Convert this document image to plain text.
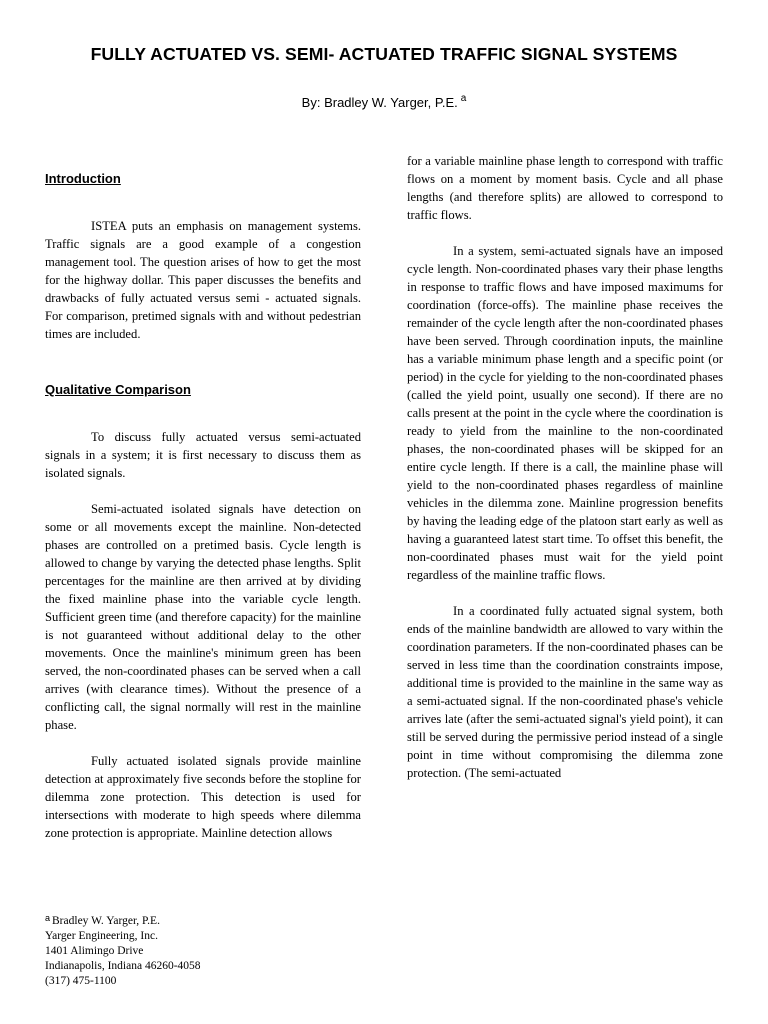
FULLY ACTUATED VS. SEMI- ACTUATED TRAFFIC SIGNAL SYSTEMS
By: Bradley W. Yarger, P.E. $^a$
Introduction

ISTEA puts an emphasis on management systems. Traffic signals are a good example of a congestion management tool. The question arises of how to get the most for the highway dollar. This paper discusses the benefits and drawbacks of fully actuated versus semi - actuated signals. For comparison, pretimed signals with and without pedestrian times are included.

Qualitative Comparison

To discuss fully actuated versus semi-actuated signals in a system; it is first necessary to discuss them as isolated signals.

Semi-actuated isolated signals have detection on some or all movements except the mainline. Non-detected phases are controlled on a pretimed basis. Cycle length is allowed to change by varying the detected phase lengths. Split percentages for the mainline are then arrived at by dividing the fixed mainline phase into the variable cycle length. Sufficient green time (and therefore capacity) for the mainline is not guaranteed without additional delay to the other movements. Once the mainline's minimum green has been served, the non-coordinated phases can be served when a call arrives (with clearance times). Without the presence of a conflicting call, the signal normally will rest in the mainline phase.

Fully actuated isolated signals provide mainline detection at approximately five seconds before the stopline for dilemma zone protection. This detection is used for intersections with moderate to high speeds where dilemma zone protection is appropriate. Mainline detection allows

for a variable mainline phase length to correspond with traffic flows on a moment by moment basis. Cycle and all phase lengths (and therefore splits) are allowed to correspond to traffic flows.

In a system, semi-actuated signals have an imposed cycle length. Non-coordinated phases vary their phase lengths in response to traffic flows and have imposed maximums for coordination (force-offs). The mainline phase receives the remainder of the cycle length after the non-coordinated phases have been served. Through coordination inputs, the mainline has a variable minimum phase length and a specific point (or period) in the cycle for yielding to the non-coordinated phases (called the yield point, usually one second). If there are no calls present at the point in the cycle where the coordination is ready to yield from the mainline to the non-coordinated phases, the non-coordinated phases will be skipped for an entire cycle length. If there is a call, the mainline phase will yield to the non-coordinated phases regardless of mainline vehicles in the dilemma zone. Mainline progression benefits by having the leading edge of the platoon start early as well as having a guaranteed latest start time. To offset this benefit, the non-coordinated phases must wait for the yield point regardless of the mainline traffic flows.

In a coordinated fully actuated signal system, both ends of the mainline bandwidth are allowed to vary within the coordination parameters. If the non-coordinated phases can be served in less time than the coordination constraints impose, additional time is provided to the mainline in the same way as a semi-actuated signal. If the non-coordinated phase's vehicle arrives late (after the semi-actuated signal's yield point), it can still be served during the permissive period instead of a single point in time without compromising the dilemma zone protection. (The semi-actuated

$^a$ Bradley W. Yarger, P.E.
Yarger Engineering, Inc.
1401 Alimingo Drive
Indianapolis, Indiana 46260-4058
(317) 475-1100
